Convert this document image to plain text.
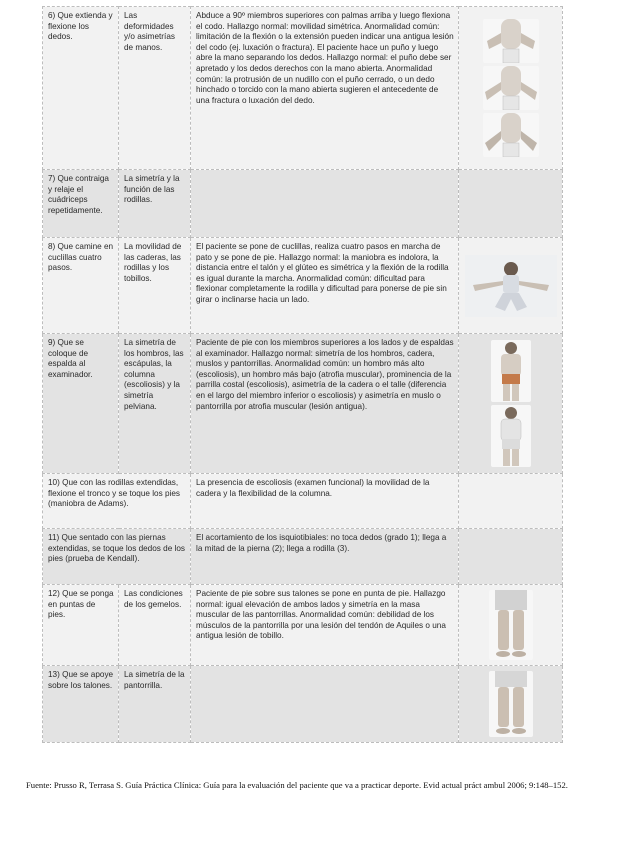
6) Que extienda y flexione los dedos.	Las deformidades y/o asimetrías de manos.	Abduce a 90º miembros superiores con palmas arriba y luego flexiona el codo. Hallazgo normal: movilidad simétrica. Anormalidad común: limitación de la flexión o la extensión pueden indicar una antigua lesión del codo (ej. luxación o fractura). El paciente hace un puño y luego abre la mano separando los dedos. Hallazgo normal: el puño debe ser apretado y los dedos derechos con la mano abierta. Anormalidad común: la protrusión de un nudillo con el puño cerrado, o un dedo hinchado o torcido con la mano abierta sugieren el antecedente de una fractura o luxación del dedo.	

7) Que contraiga y relaje el cuádriceps repetidamente.	La simetría y la función de las rodillas.		
8) Que camine en cuclillas cuatro pasos.	La movilidad de las caderas, las rodillas y los tobillos.	El paciente se pone de cuclillas, realiza cuatro pasos en marcha de pato y se pone de pie. Hallazgo normal: la maniobra es indolora, la distancia entre el talón y el glúteo es simétrica y la flexión de la rodilla es igual durante la marcha. Anormalidad común: dificultad para flexionar completamente la rodilla y dificultad para ponerse de pie sin girar o inclinarse hacia un lado.	

9) Que se coloque de espalda al examinador.	La simetría de los hombros, las escápulas, la columna (escoliosis) y la simetría pelviana.	Paciente de pie con los miembros superiores a los lados y de espaldas al examinador. Hallazgo normal: simetría de los hombros, cadera, muslos y pantorrillas. Anormalidad común: un hombro más alto (escoliosis), un hombro más bajo (atrofia muscular), prominencia de la parrilla costal (escoliosis), asimetría de la cadera o el talle (diferencia en el largo del miembro inferior o escoliosis) y asimetría en muslo o pantorrilla por atrofia muscular (lesión antigua).	

10) Que con las rodillas extendidas, flexione el tronco y se toque los pies (maniobra de Adams).		La presencia de escoliosis (examen funcional) la movilidad de la cadera y la flexibilidad de la columna.	
11) Que sentado con las piernas extendidas, se toque los dedos de los pies (prueba de Kendall).		El acortamiento de los isquiotibiales: no toca dedos (grado 1); llega a la mitad de la pierna (2); llega a rodilla (3).	
12) Que se ponga en puntas de pies.	Las condiciones de los gemelos.	Paciente de pie sobre sus talones se pone en punta de pie. Hallazgo normal: igual elevación de ambos lados y simetría en la masa muscular de las pantorrillas. Anormalidad común: debilidad de los músculos de la pantorrilla por una lesión del tendón de Aquiles o una antigua lesión de tobillo.	

13) Que se apoye sobre los talones.	La simetría de la pantorrilla.		
Fuente: Prusso R, Terrasa S. Guía Práctica Clínica: Guía para la evaluación del paciente que va a practicar deporte. Evid actual práct ambul 2006; 9:148–152.
